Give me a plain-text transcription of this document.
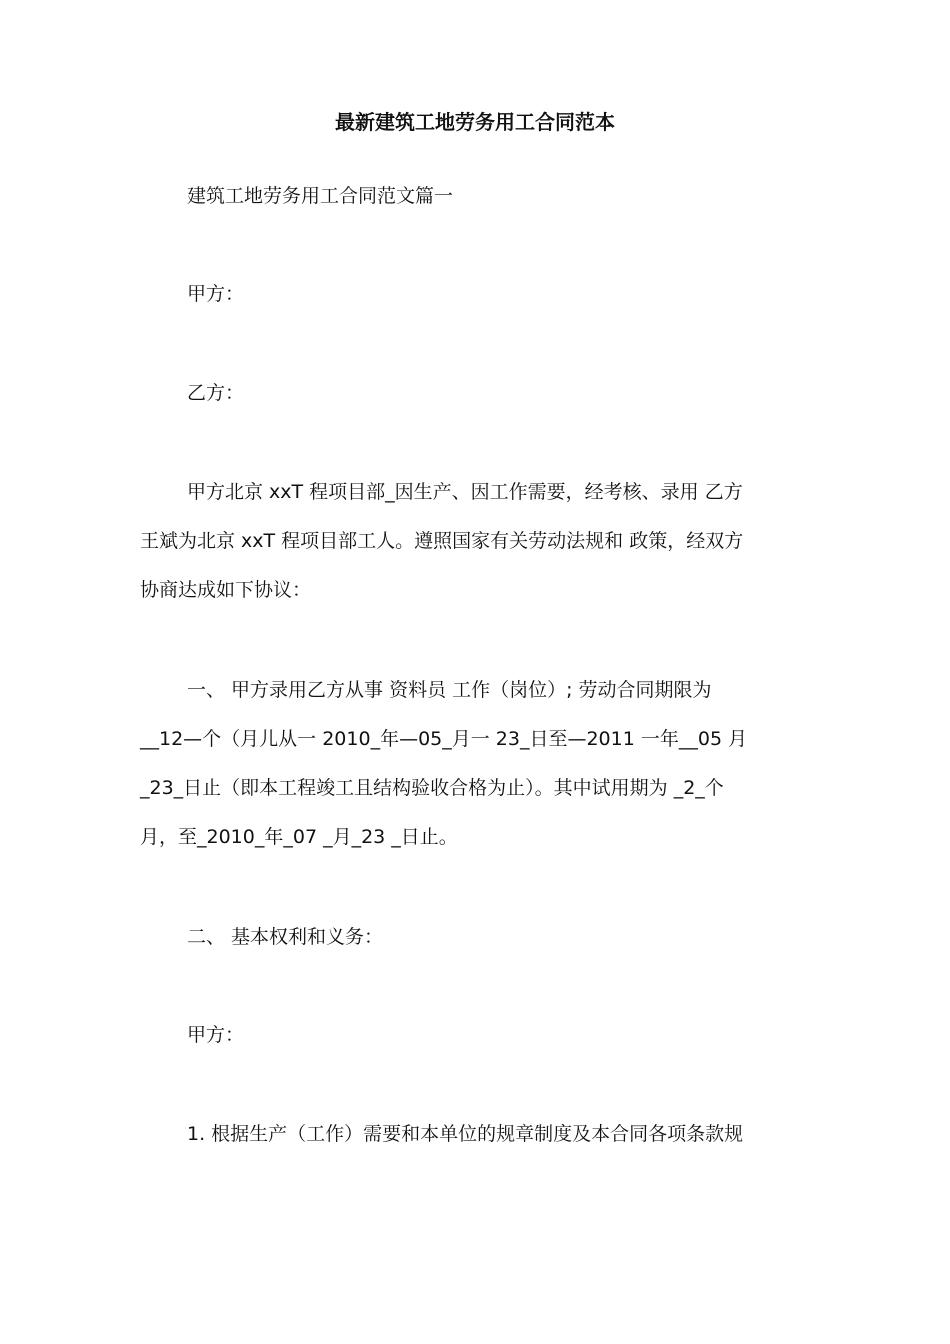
最新建筑工地劳务用工合同范本
建筑工地劳务用工合同范文篇一
甲方：
乙方：
甲方北京 xxT 程项目部_因生产、因工作需要，经考核、录用 乙方
王斌为北京 xxT 程项目部工人。遵照国家有关劳动法规和 政策，经双方
协商达成如下协议：
一、 甲方录用乙方从事 资料员 工作（岗位）; 劳动合同期限为
__12—个（月儿从一 2010_年—05_月一 23_日至—2011 一年__05 月
_23_日止（即本工程竣工且结构验收合格为止）。其中试用期为 _2_个
月，至_2010_年_07 _月_23 _日止。
二、 基本权利和义务：
甲方：
1. 根据生产（工作）需要和本单位的规章制度及本合同各项条款规
